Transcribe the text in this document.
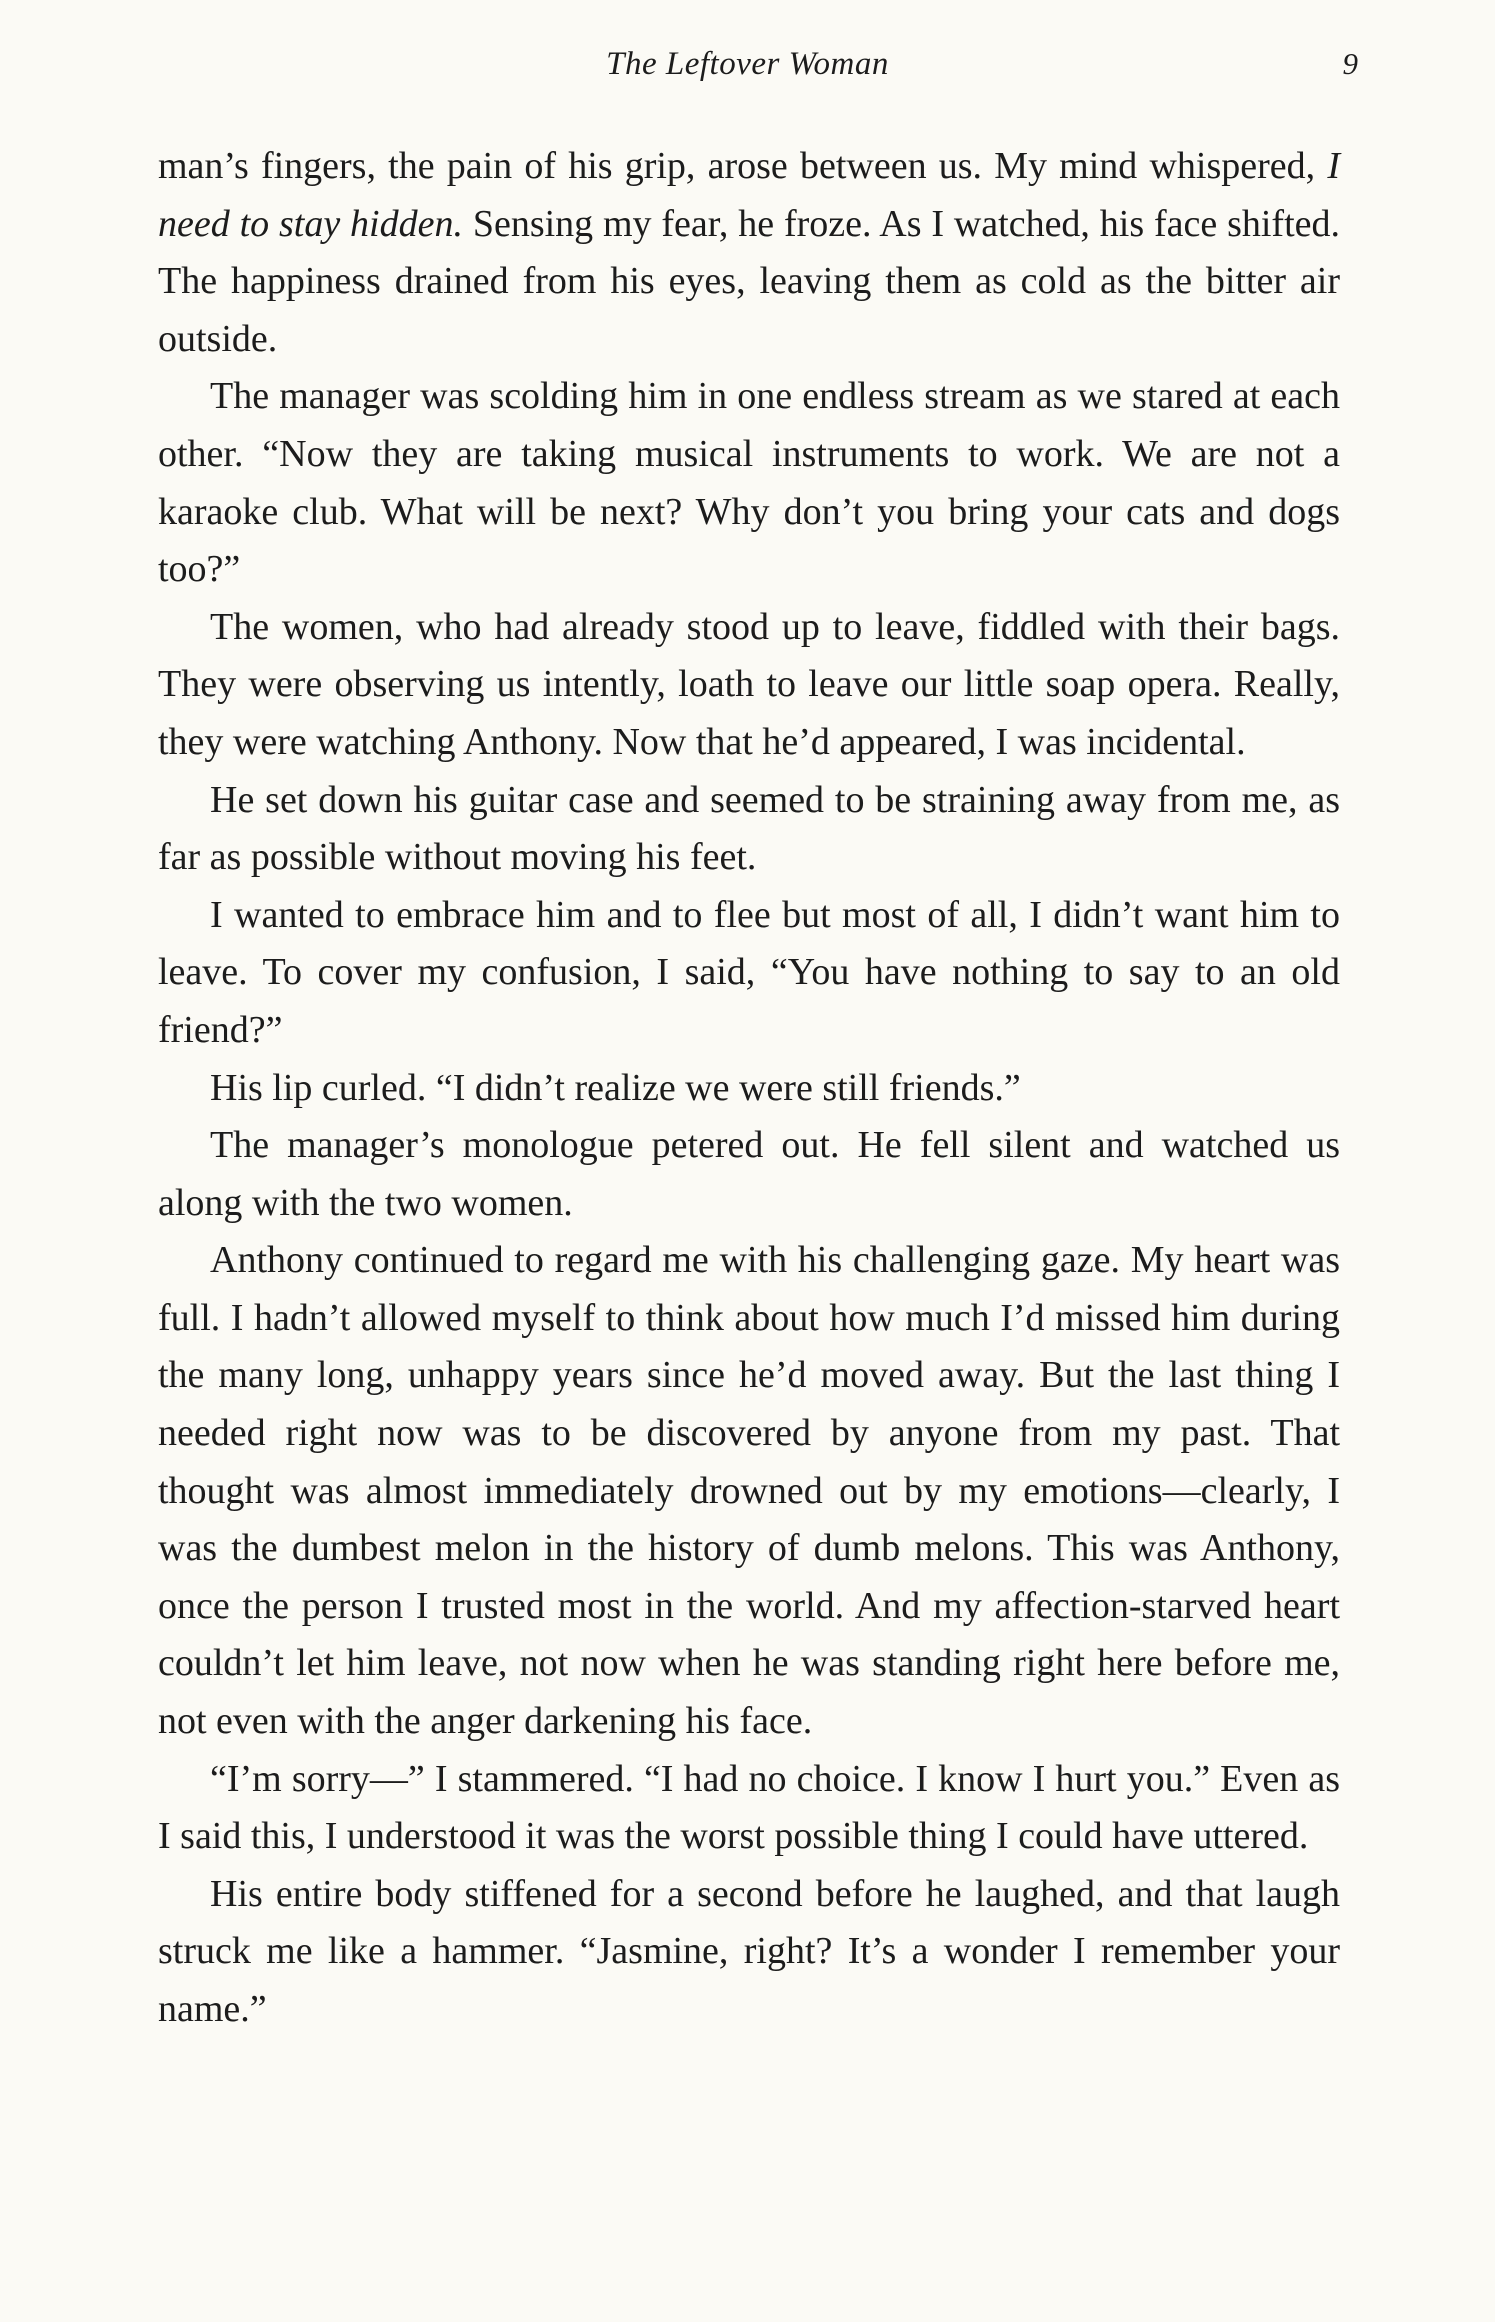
The Leftover Woman	9

man’s fingers, the pain of his grip, arose between us. My mind whispered, I need to stay hidden. Sensing my fear, he froze. As I watched, his face shifted. The happiness drained from his eyes, leaving them as cold as the bitter air outside.

The manager was scolding him in one endless stream as we stared at each other. “Now they are taking musical instruments to work. We are not a karaoke club. What will be next? Why don’t you bring your cats and dogs too?”

The women, who had already stood up to leave, fiddled with their bags. They were observing us intently, loath to leave our little soap opera. Really, they were watching Anthony. Now that he’d appeared, I was incidental.

He set down his guitar case and seemed to be straining away from me, as far as possible without moving his feet.

I wanted to embrace him and to flee but most of all, I didn’t want him to leave. To cover my confusion, I said, “You have nothing to say to an old friend?”

His lip curled. “I didn’t realize we were still friends.”

The manager’s monologue petered out. He fell silent and watched us along with the two women.

Anthony continued to regard me with his challenging gaze. My heart was full. I hadn’t allowed myself to think about how much I’d missed him during the many long, unhappy years since he’d moved away. But the last thing I needed right now was to be discovered by anyone from my past. That thought was almost immediately drowned out by my emotions—clearly, I was the dumbest melon in the history of dumb melons. This was Anthony, once the person I trusted most in the world. And my affection-starved heart couldn’t let him leave, not now when he was standing right here before me, not even with the anger darkening his face.

“I’m sorry—” I stammered. “I had no choice. I know I hurt you.” Even as I said this, I understood it was the worst possible thing I could have uttered.

His entire body stiffened for a second before he laughed, and that laugh struck me like a hammer. “Jasmine, right? It’s a wonder I remember your name.”
